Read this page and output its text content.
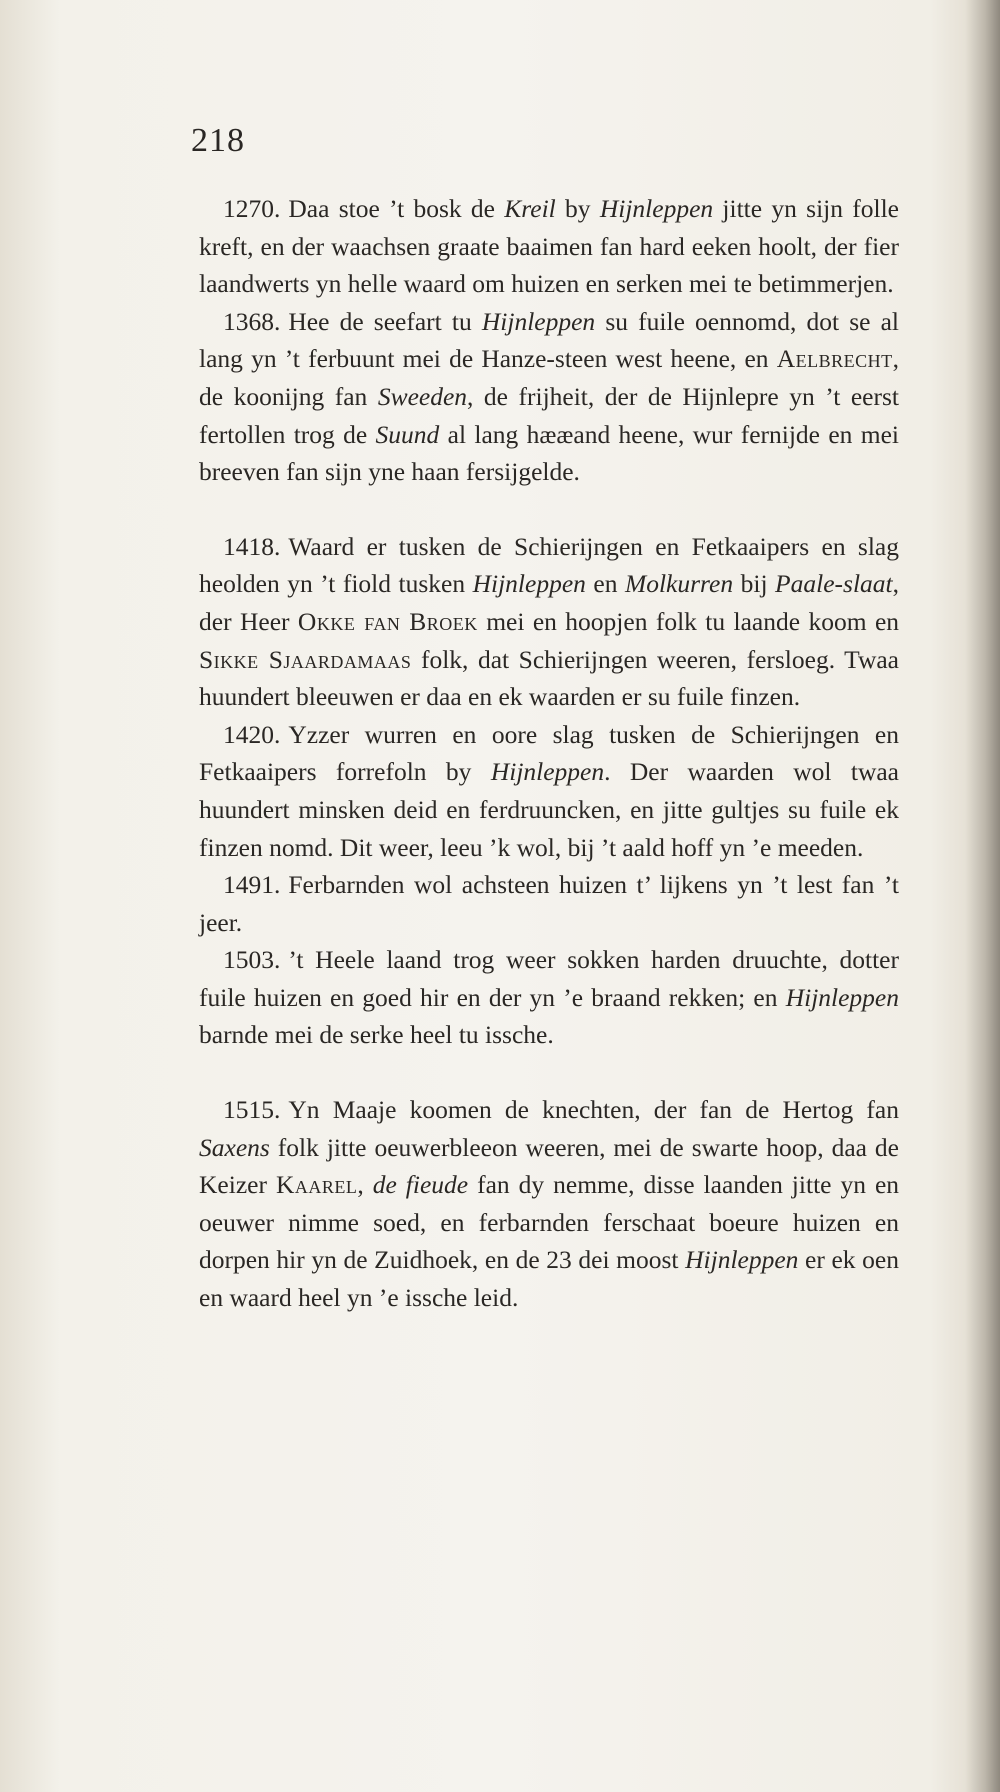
218

1270. Daa stoe ’t bosk de Kreil by Hijnleppen jitte yn sijn folle kreft, en der waachsen graate baaimen fan hard eeken hoolt, der fier laandwerts yn helle waard om huizen en serken mei te betimmerjen.

1368. Hee de seefart tu Hijnleppen su fuile oennomd, dot se al lang yn ’t ferbuunt mei de Hanze-steen west heene, en Aelbrecht, de koonijng fan Sweeden, de frijheit, der de Hijnlepre yn ’t eerst fertollen trog de Suund al lang hææand heene, wur fernijde en mei breeven fan sijn yne haan fersijgelde.

1418. Waard er tusken de Schierijngen en Fetkaaipers en slag heolden yn ’t fiold tusken Hijnleppen en Molkurren bij Paale-slaat, der Heer Okke fan Broek mei en hoopjen folk tu laande koom en Sikke Sjaardamaas folk, dat Schierijngen weeren, fersloeg. Twaa huundert bleeuwen er daa en ek waarden er su fuile finzen.

1420. Yzzer wurren en oore slag tusken de Schierijngen en Fetkaaipers forrefoln by Hijnleppen. Der waarden wol twaa huundert minsken deid en ferdruuncken, en jitte gultjes su fuile ek finzen nomd. Dit weer, leeu ’k wol, bij ’t aald hoff yn ’e meeden.

1491. Ferbarnden wol achsteen huizen t’ lijkens yn ’t lest fan ’t jeer.

1503. ’t Heele laand trog weer sokken harden druuchte, dotter fuile huizen en goed hir en der yn ’e braand rekken; en Hijnleppen barnde mei de serke heel tu issche.

1515. Yn Maaje koomen de knechten, der fan de Hertog fan Saxens folk jitte oeuwerbleeon weeren, mei de swarte hoop, daa de Keizer Kaarel, de fieude fan dy nemme, disse laanden jitte yn en oeuwer nimme soed, en ferbarnden ferschaat boeure huizen en dorpen hir yn de Zuidhoek, en de 23 dei moost Hijnleppen er ek oen en waard heel yn ’e issche leid.
